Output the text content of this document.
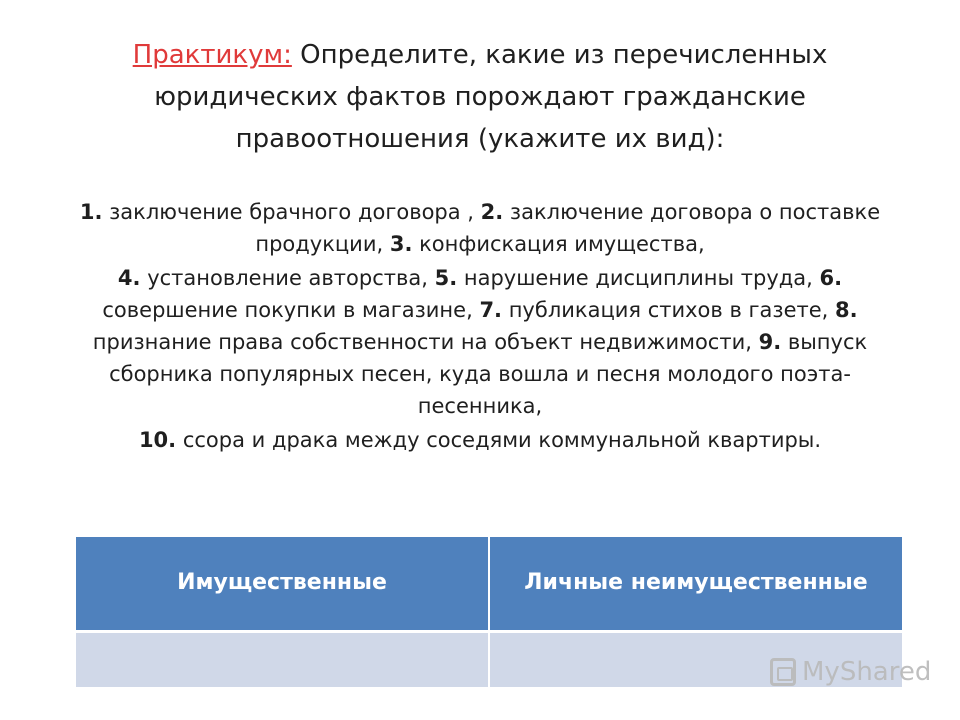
Практикум: Определите, какие из перечисленных юридических фактов порождают гражданские правоотношения (укажите их вид):

1. заключение брачного договора , 2. заключение договора о поставке продукции, 3. конфискация имущества,

4. установление авторства, 5. нарушение дисциплины труда, 6. совершение покупки в магазине, 7. публикация стихов в газете, 8. признание права собственности на объект недвижимости, 9. выпуск сборника популярных песен, куда вошла и песня молодого поэта-песенника,

10. ссора и драка между соседями коммунальной квартиры.

Имущественные	Личные неимущественные

MyShared
